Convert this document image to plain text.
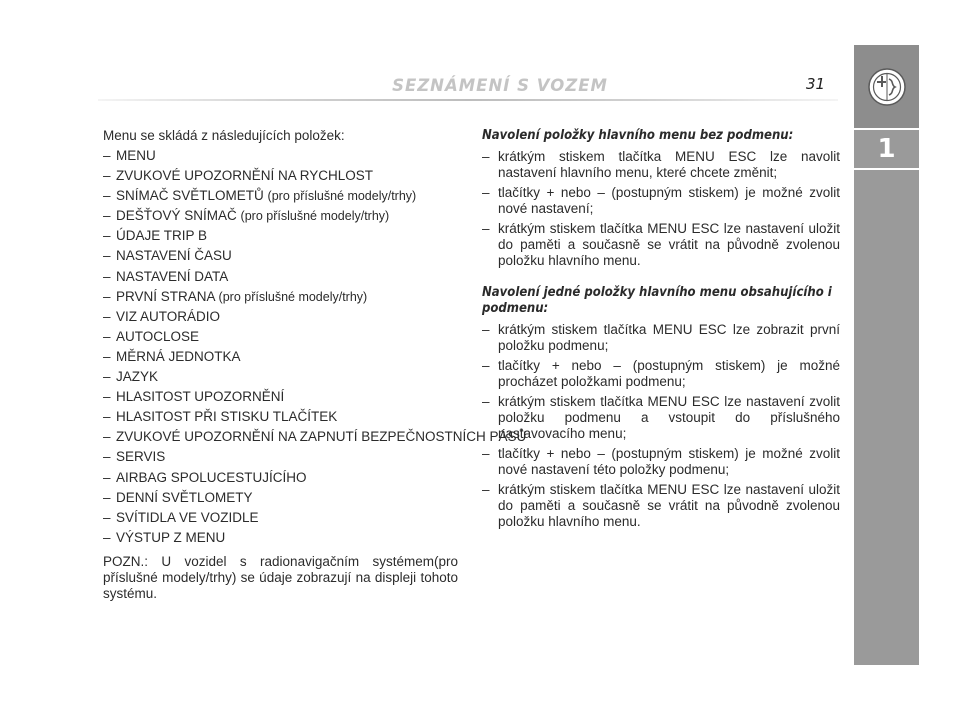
SEZNÁMENÍ S VOZEM	31
1

Menu se skládá z následujících položek:

– MENU
– ZVUKOVÉ UPOZORNĚNÍ NA RYCHLOST
– SNÍMAČ SVĚTLOMETŮ (pro příslušné modely/trhy)
– DEŠŤOVÝ SNÍMAČ (pro příslušné modely/trhy)
– ÚDAJE TRIP B
– NASTAVENÍ ČASU
– NASTAVENÍ DATA
– PRVNÍ STRANA (pro příslušné modely/trhy)
– VIZ AUTORÁDIO
– AUTOCLOSE
– MĚRNÁ JEDNOTKA
– JAZYK
– HLASITOST UPOZORNĚNÍ
– HLASITOST PŘI STISKU TLAČÍTEK
– ZVUKOVÉ UPOZORNĚNÍ NA ZAPNUTÍ BEZPEČNOSTNÍCH PÁSŮ
– SERVIS
– AIRBAG SPOLUCESTUJÍCÍHO
– DENNÍ SVĚTLOMETY
– SVÍTIDLA VE VOZIDLE
– VÝSTUP Z MENU

POZN.: U vozidel s radionavigačním systémem(pro příslušné modely/trhy) se údaje zobrazují na displeji tohoto systému.

Navolení položky hlavního menu bez podmenu:
– krátkým stiskem tlačítka MENU ESC lze navolit nastavení hlavního menu, které chcete změnit;
– tlačítky + nebo – (postupným stiskem) je možné zvolit nové nastavení;
– krátkým stiskem tlačítka MENU ESC lze nastavení uložit do paměti a současně se vrátit na původně zvolenou položku hlavního menu.
Navolení jedné položky hlavního menu obsahujícího i podmenu:
– krátkým stiskem tlačítka MENU ESC lze zobrazit první položku podmenu;
– tlačítky + nebo – (postupným stiskem) je možné procházet položkami podmenu;
– krátkým stiskem tlačítka MENU ESC lze nastavení zvolit položku podmenu a vstoupit do příslušného nastavovacího menu;
– tlačítky + nebo – (postupným stiskem) je možné zvolit nové nastavení této položky podmenu;
– krátkým stiskem tlačítka MENU ESC lze nastavení uložit do paměti a současně se vrátit na původně zvolenou položku hlavního menu.
